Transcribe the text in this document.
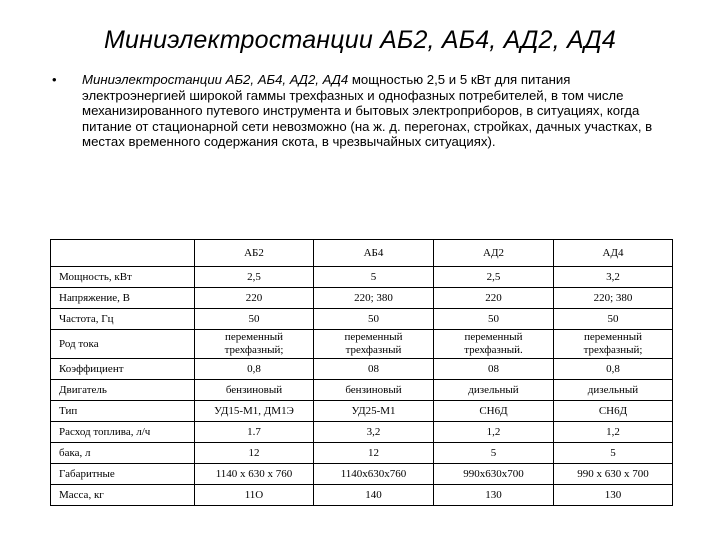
Миниэлектростанции АБ2, АБ4, АД2, АД4
• Миниэлектростанции АБ2, АБ4, АД2, АД4 мощностью 2,5 и 5 кВт для питания электроэнергией широкой гаммы трехфазных и однофазных потребителей, в том числе механизированного путевого инструмента и бытовых электроприборов, в ситуациях, когда питание от стационарной сети невозможно (на ж. д. перегонах, стройках, дачных участках, в местах временного содержания скота, в чрезвычайных ситуациях).
	АБ2	АБ4	АД2	АД4
Мощность, кВт	2,5	5	2,5	3,2
Напряжение, В	220	220; 380	220	220; 380
Частота, Гц	50	50	50	50
Род тока	переменный трехфазный;	переменный трехфазный	переменный трехфазный.	переменный трехфазный;
Коэффициент	0,8	08	08	0,8
Двигатель	бензиновый	бензиновый	дизельный	дизельный
Тип	УД15-М1, ДМ1Э	УД25-М1	СН6Д	СН6Д
Расход топлива, л/ч	1.7	3,2	1,2	1,2
бака, л	12	12	5	5
Габаритные	1140 х 630 х 760	1140х630х760	990х630х700	990 х 630 х 700
Масса, кг	11О	140	130	130
